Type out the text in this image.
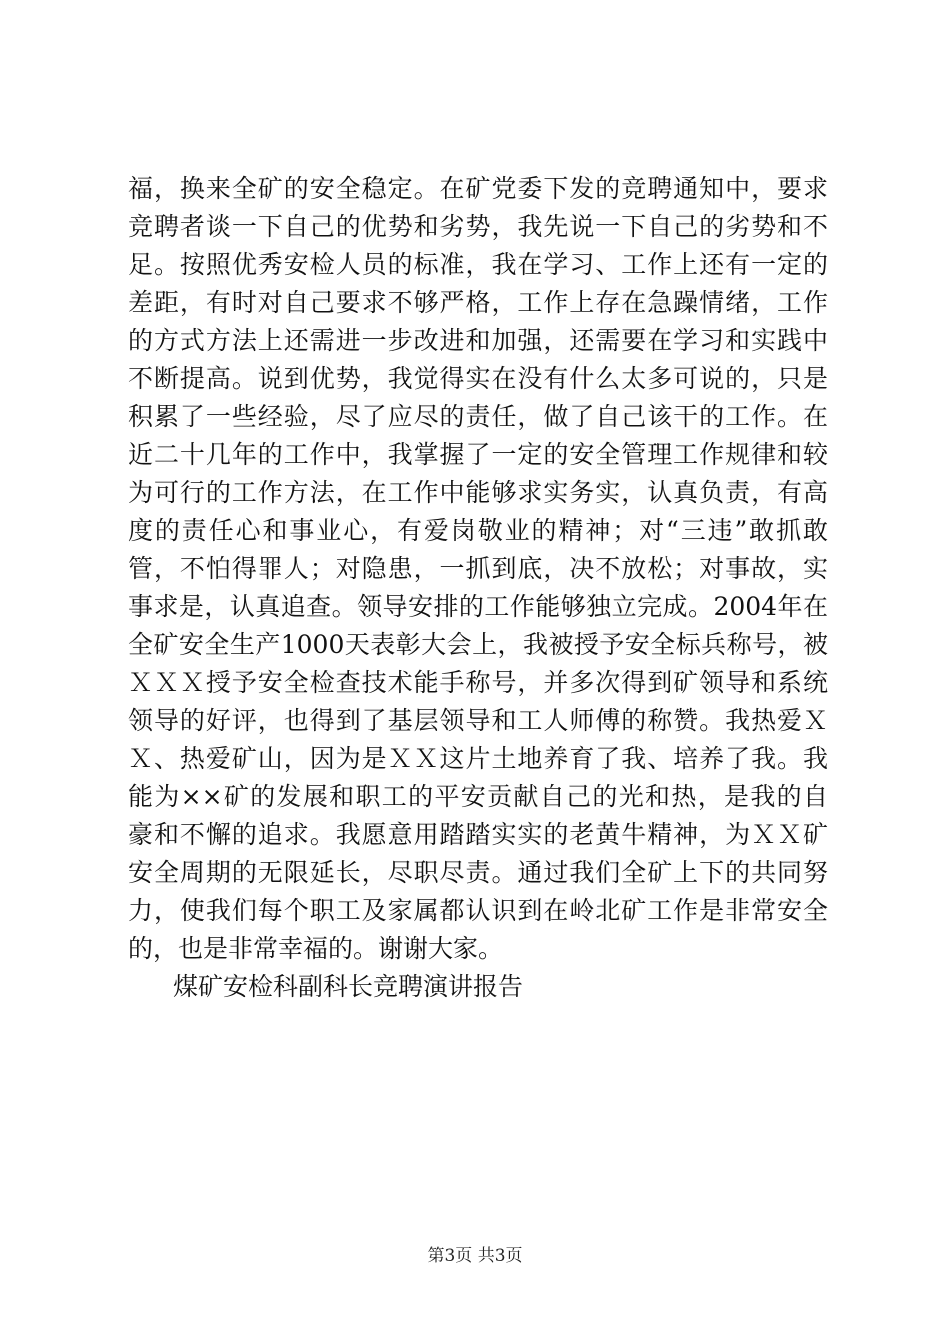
福，换来全矿的安全稳定。在矿党委下发的竞聘通知中，要求
竞聘者谈一下自己的优势和劣势，我先说一下自己的劣势和不
足。按照优秀安检人员的标准，我在学习、工作上还有一定的
差距，有时对自己要求不够严格，工作上存在急躁情绪，工作
的方式方法上还需进一步改进和加强，还需要在学习和实践中
不断提高。说到优势，我觉得实在没有什么太多可说的，只是
积累了一些经验，尽了应尽的责任，做了自己该干的工作。在
近二十几年的工作中，我掌握了一定的安全管理工作规律和较
为可行的工作方法，在工作中能够求实务实，认真负责，有高
度的责任心和事业心，有爱岗敬业的精神；对“三违”敢抓敢
管，不怕得罪人；对隐患，一抓到底，决不放松；对事故，实
事求是，认真追查。领导安排的工作能够独立完成。2004年在
全矿安全生产1000天表彰大会上，我被授予安全标兵称号，被
ＸＸＸ授予安全检查技术能手称号，并多次得到矿领导和系统
领导的好评，也得到了基层领导和工人师傅的称赞。我热爱Ｘ
Ｘ、热爱矿山，因为是ＸＸ这片土地养育了我、培养了我。我
能为××矿的发展和职工的平安贡献自己的光和热，是我的自
豪和不懈的追求。我愿意用踏踏实实的老黄牛精神，为ＸＸ矿
安全周期的无限延长，尽职尽责。通过我们全矿上下的共同努
力，使我们每个职工及家属都认识到在岭北矿工作是非常安全
的，也是非常幸福的。谢谢大家。
煤矿安检科副科长竞聘演讲报告
第3页 共3页
